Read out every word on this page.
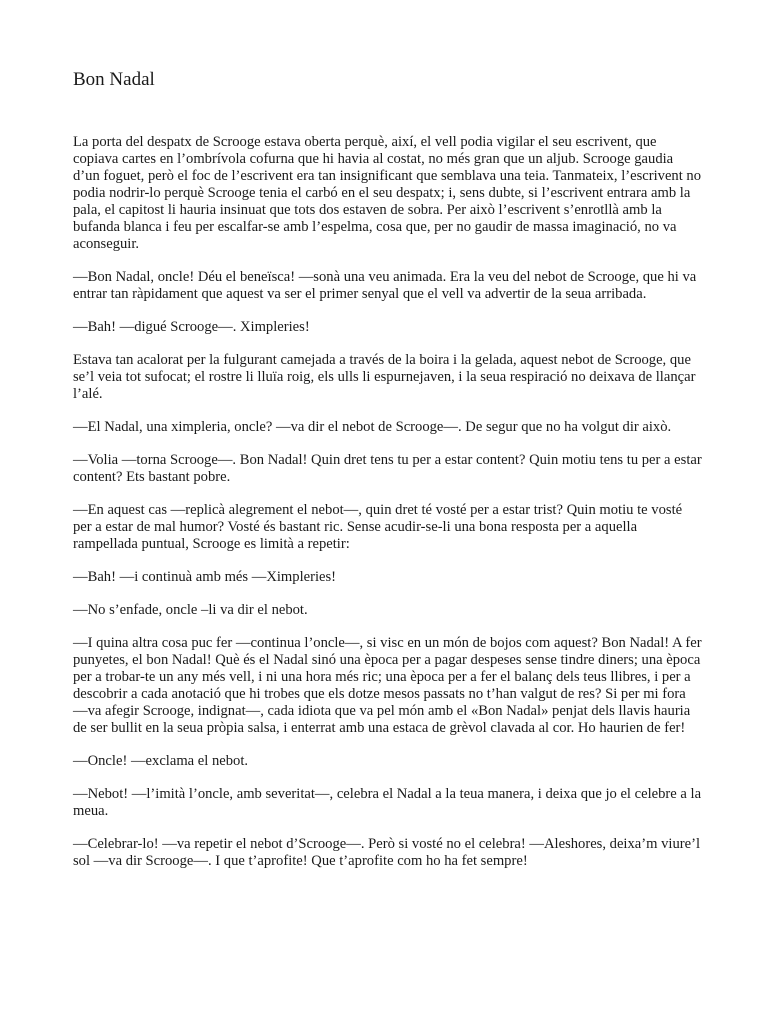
Bon Nadal

La porta del despatx de Scrooge estava oberta perquè, així, el vell podia vigilar el seu escrivent, que copiava cartes en l’ombrívola cofurna que hi havia al costat, no més gran que un aljub. Scrooge gaudia d’un foguet, però el foc de l’escrivent era tan insignificant que semblava una teia. Tanmateix, l’escrivent no podia nodrir-lo perquè Scrooge tenia el carbó en el seu despatx; i, sens dubte, si l’escrivent entrara amb la pala, el capitost li hauria insinuat que tots dos estaven de sobra. Per això l’escrivent s’enrotllà amb la bufanda blanca i feu per escalfar-se amb l’espelma, cosa que, per no gaudir de massa imaginació, no va aconseguir.

—Bon Nadal, oncle! Déu el beneïsca! —sonà una veu animada. Era la veu del nebot de Scrooge, que hi va entrar tan ràpidament que aquest va ser el primer senyal que el vell va advertir de la seua arribada.

—Bah! —digué Scrooge—. Ximpleries!

Estava tan acalorat per la fulgurant camejada a través de la boira i la gelada, aquest nebot de Scrooge, que se’l veia tot sufocat; el rostre li lluïa roig, els ulls li espurnejaven, i la seua respiració no deixava de llançar l’alé.

—El Nadal, una ximpleria, oncle? —va dir el nebot de Scrooge—. De segur que no ha volgut dir això.

—Volia —torna Scrooge—. Bon Nadal! Quin dret tens tu per a estar content? Quin motiu tens tu per a estar content? Ets bastant pobre.

—En aquest cas —replicà alegrement el nebot—, quin dret té vosté per a estar trist? Quin motiu te vosté per a estar de mal humor? Vosté és bastant ric. Sense acudir-se-li una bona resposta per a aquella rampellada puntual, Scrooge es limità a repetir:

—Bah! —i continuà amb més —Ximpleries!

—No s’enfade, oncle –li va dir el nebot.

—I quina altra cosa puc fer —continua l’oncle—, si visc en un món de bojos com aquest? Bon Nadal! A fer punyetes, el bon Nadal! Què és el Nadal sinó una època per a pagar despeses sense tindre diners; una època per a trobar-te un any més vell, i ni una hora més ric; una època per a fer el balanç dels teus llibres, i per a descobrir a cada anotació que hi trobes que els dotze mesos passats no t’han valgut de res? Si per mi fora —va afegir Scrooge, indignat—, cada idiota que va pel món amb el «Bon Nadal» penjat dels llavis hauria de ser bullit en la seua pròpia salsa, i enterrat amb una estaca de grèvol clavada al cor. Ho haurien de fer!

—Oncle! —exclama el nebot.

—Nebot! —l’imità l’oncle, amb severitat—, celebra el Nadal a la teua manera, i deixa que jo el celebre a la meua.

—Celebrar-lo! —va repetir el nebot d’Scrooge—. Però si vosté no el celebra! —Aleshores, deixa’m viure’l sol —va dir Scrooge—. I que t’aprofite! Que t’aprofite com ho ha fet sempre!
